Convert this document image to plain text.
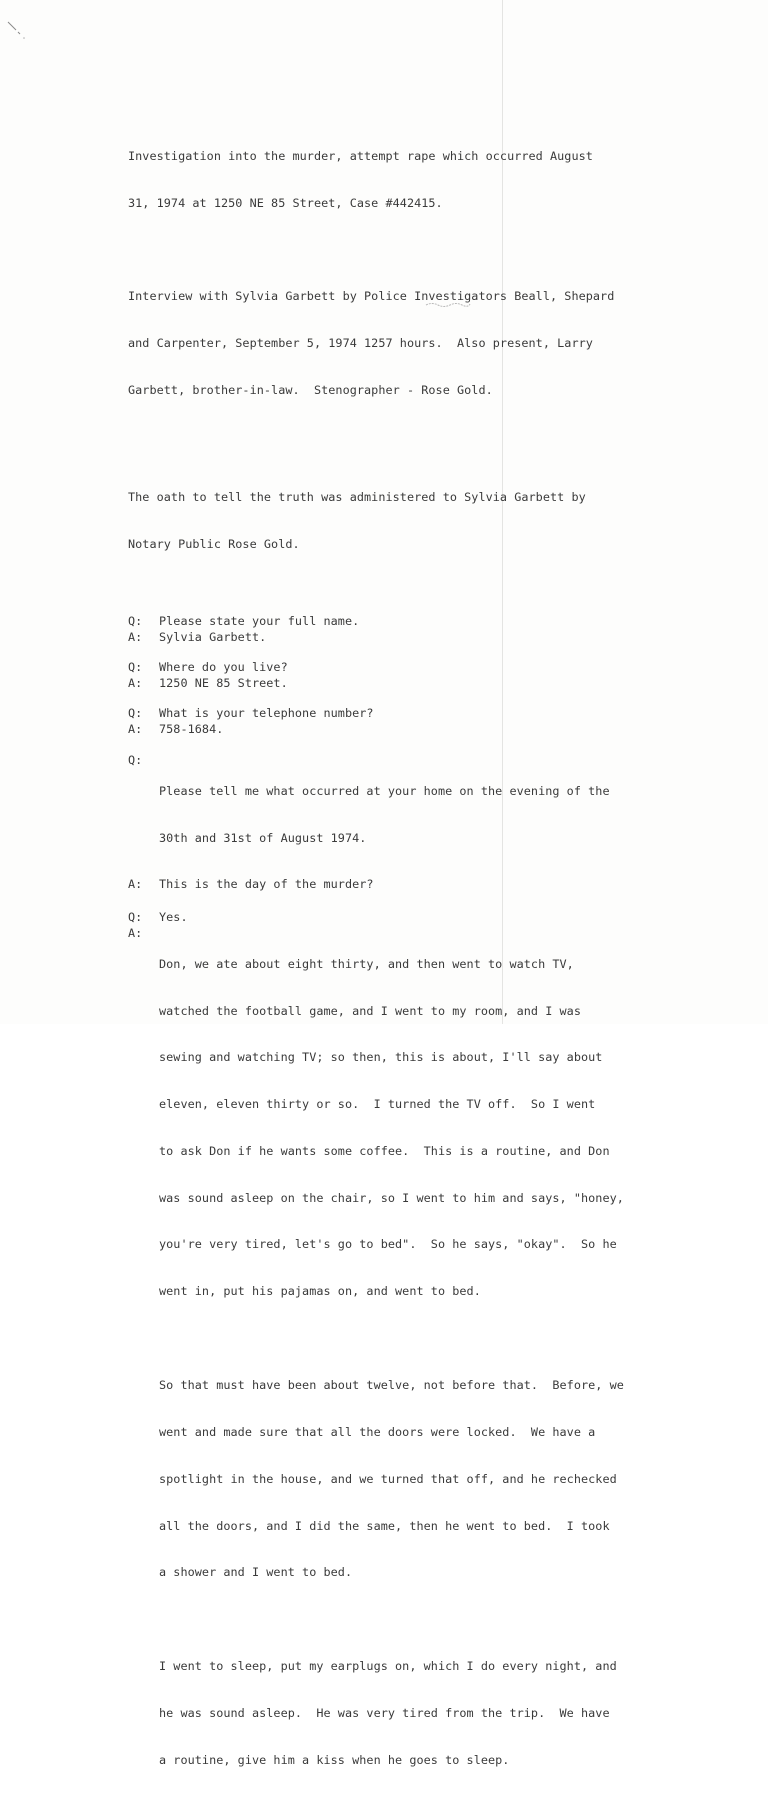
Investigation into the murder, attempt rape which occurred August

31, 1974 at 1250 NE 85 Street, Case #442415.

Interview with Sylvia Garbett by Police Investigators Beall, Shepard

and Carpenter, September 5, 1974 1257 hours.  Also present, Larry

Garbett, brother-in-law.  Stenographer - Rose Gold.

The oath to tell the truth was administered to Sylvia Garbett by

Notary Public Rose Gold.

Q:	Please state your full name.
A:	Sylvia Garbett.
Q:	Where do you live?
A:	1250 NE 85 Street.
Q:	What is your telephone number?
A:	758-1684.
Q:

Please tell me what occurred at your home on the evening of the

30th and 31st of August 1974.

A:	This is the day of the murder?
Q:	Yes.
A:

Don, we ate about eight thirty, and then went to watch TV,

watched the football game, and I went to my room, and I was

sewing and watching TV; so then, this is about, I'll say about

eleven, eleven thirty or so.  I turned the TV off.  So I went

to ask Don if he wants some coffee.  This is a routine, and Don

was sound asleep on the chair, so I went to him and says, "honey,

you're very tired, let's go to bed".  So he says, "okay".  So he

went in, put his pajamas on, and went to bed.

So that must have been about twelve, not before that.  Before, we

went and made sure that all the doors were locked.  We have a

spotlight in the house, and we turned that off, and he rechecked

all the doors, and I did the same, then he went to bed.  I took

a shower and I went to bed.

I went to sleep, put my earplugs on, which I do every night, and

he was sound asleep.  He was very tired from the trip.  We have

a routine, give him a kiss when he goes to sleep.
